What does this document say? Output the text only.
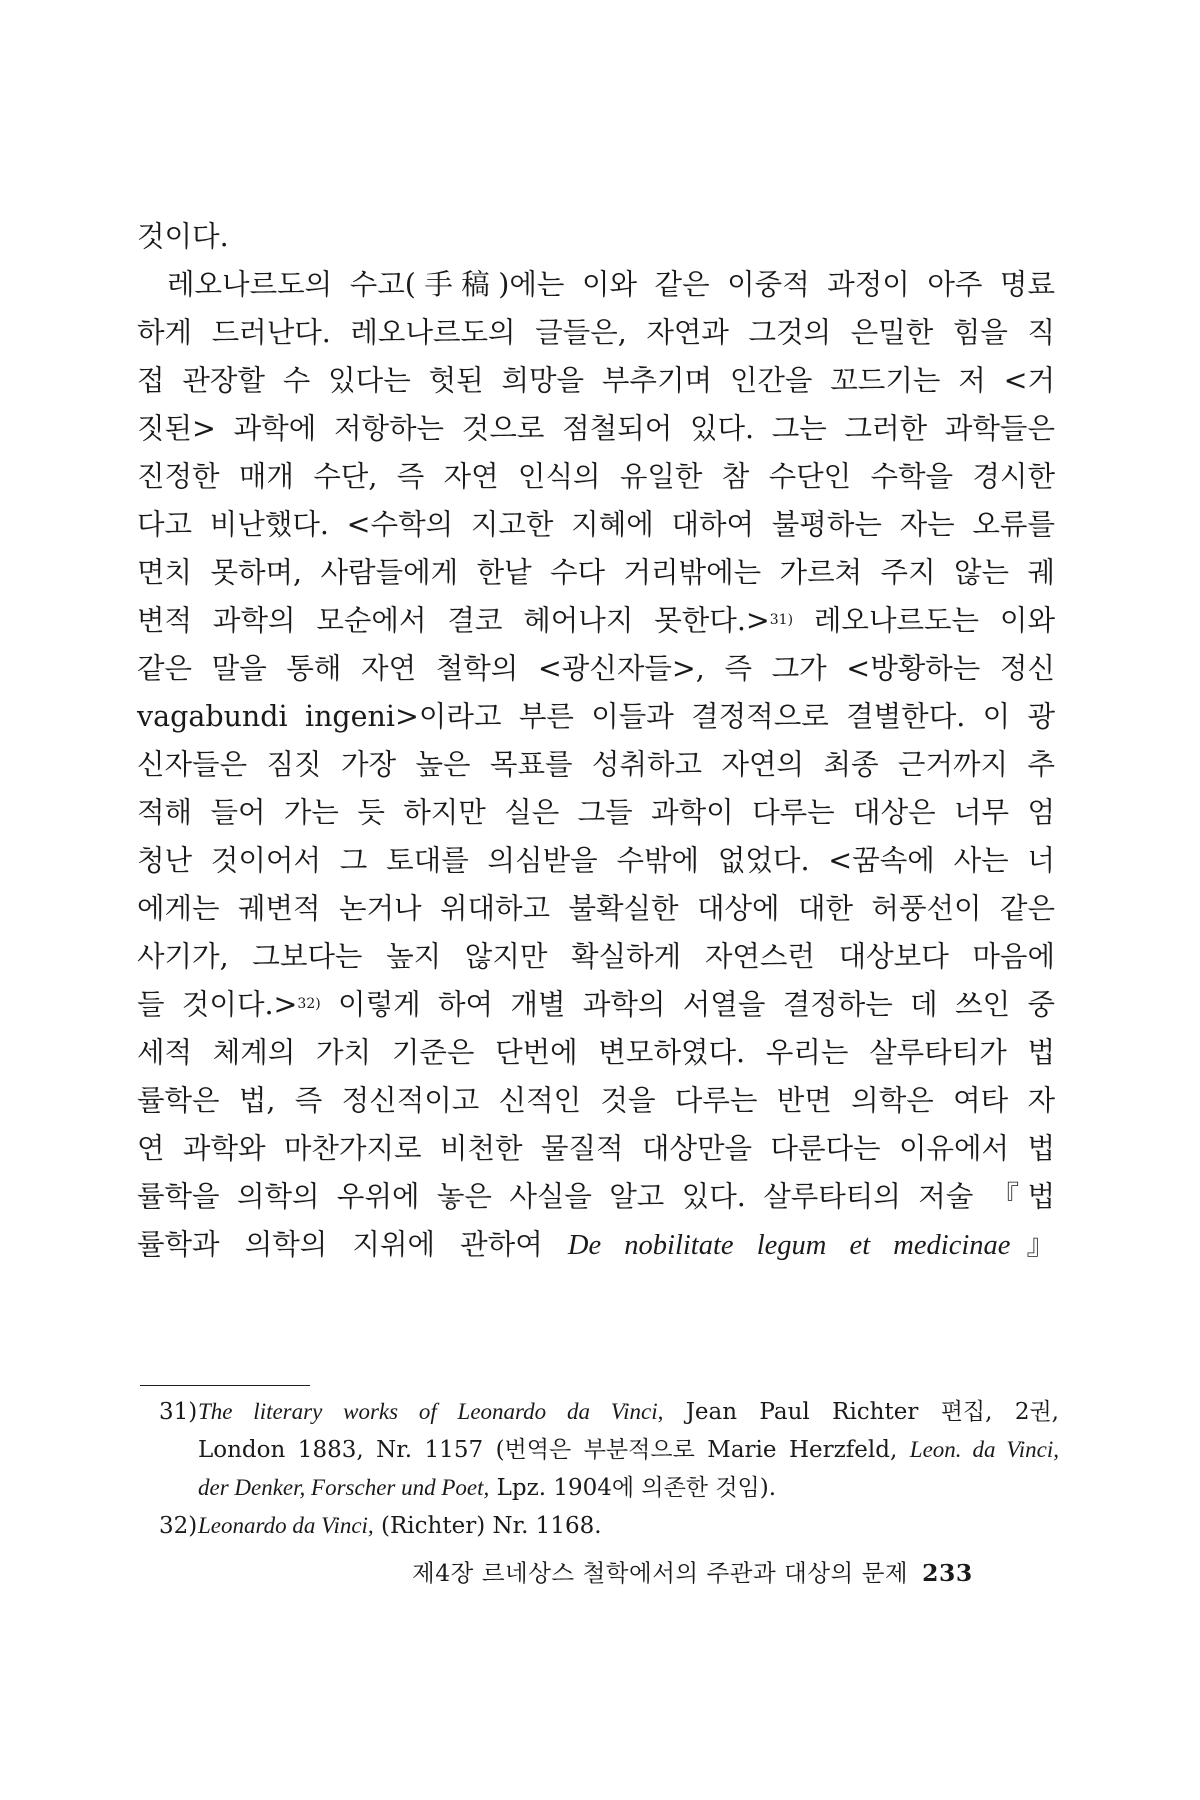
것이다.

레오나르도의 수고(手稿)에는 이와 같은 이중적 과정이 아주 명료

하게 드러난다. 레오나르도의 글들은, 자연과 그것의 은밀한 힘을 직

접 관장할 수 있다는 헛된 희망을 부추기며 인간을 꼬드기는 저 <거

짓된> 과학에 저항하는 것으로 점철되어 있다. 그는 그러한 과학들은

진정한 매개 수단, 즉 자연 인식의 유일한 참 수단인 수학을 경시한

다고 비난했다. <수학의 지고한 지혜에 대하여 불평하는 자는 오류를

면치 못하며, 사람들에게 한낱 수다 거리밖에는 가르쳐 주지 않는 궤

변적 과학의 모순에서 결코 헤어나지 못한다.>$^{31)}$ 레오나르도는 이와

같은 말을 통해 자연 철학의 <광신자들>, 즉 그가 <방황하는 정신

vagabundi ingeni>이라고 부른 이들과 결정적으로 결별한다. 이 광

신자들은 짐짓 가장 높은 목표를 성취하고 자연의 최종 근거까지 추

적해 들어 가는 듯 하지만 실은 그들 과학이 다루는 대상은 너무 엄

청난 것이어서 그 토대를 의심받을 수밖에 없었다. <꿈속에 사는 너

에게는 궤변적 논거나 위대하고 불확실한 대상에 대한 허풍선이 같은

사기가, 그보다는 높지 않지만 확실하게 자연스런 대상보다 마음에

들 것이다.>$^{32)}$ 이렇게 하여 개별 과학의 서열을 결정하는 데 쓰인 중

세적 체계의 가치 기준은 단번에 변모하였다. 우리는 살루타티가 법

률학은 법, 즉 정신적이고 신적인 것을 다루는 반면 의학은 여타 자

연 과학와 마찬가지로 비천한 물질적 대상만을 다룬다는 이유에서 법

률학을 의학의 우위에 놓은 사실을 알고 있다. 살루타티의 저술 『법

률학과 의학의 지위에 관하여 De nobilitate legum et medicinae』

31) The literary works of Leonardo da Vinci, Jean Paul Richter 편집, 2권,
London 1883, Nr. 1157 (번역은 부분적으로 Marie Herzfeld, Leon. da Vinci,
der Denker, Forscher und Poet, Lpz. 1904에 의존한 것임).
32) Leonardo da Vinci, (Richter) Nr. 1168.
제4장 르네상스 철학에서의 주관과 대상의 문제 233
